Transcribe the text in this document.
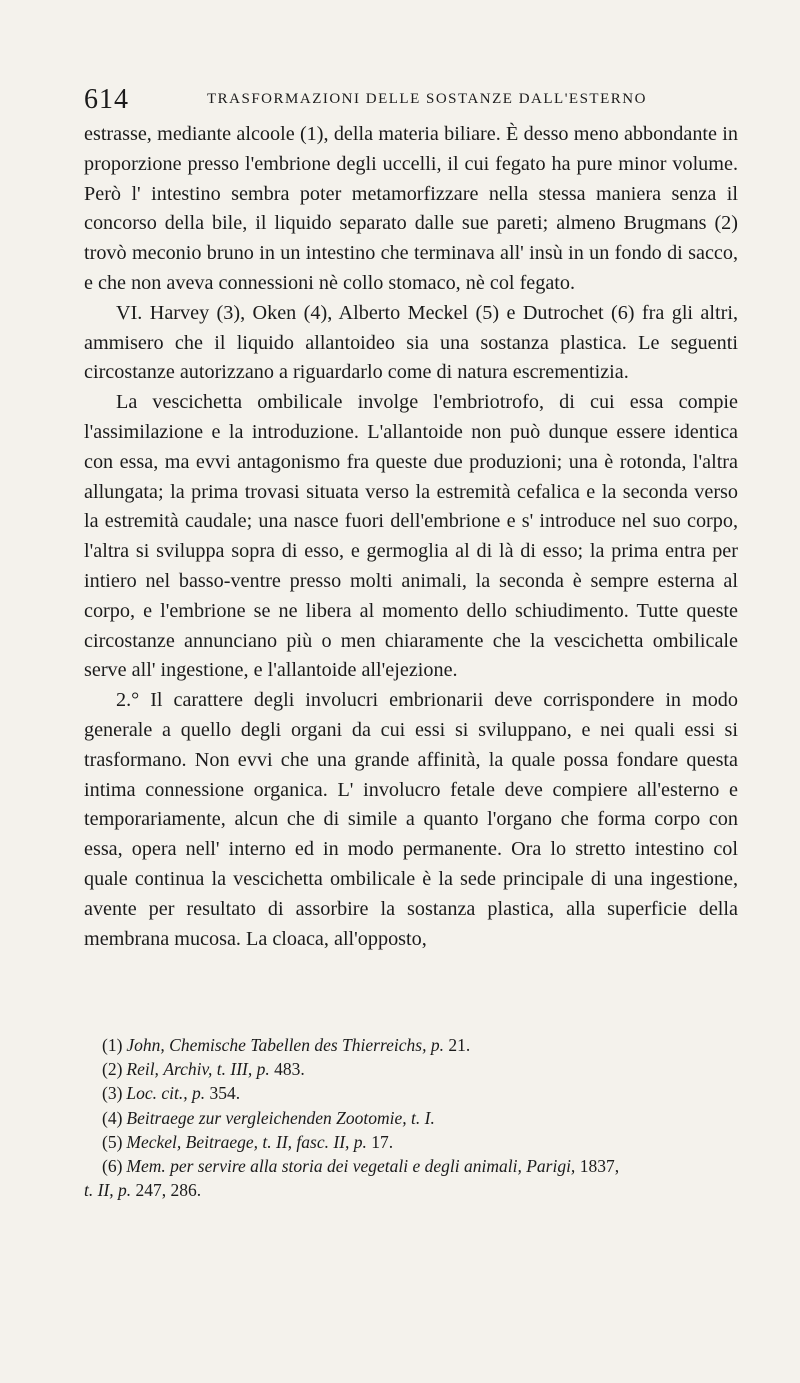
614	TRASFORMAZIONI DELLE SOSTANZE DALL'ESTERNO

estrasse, mediante alcoole (1), della materia biliare. È desso meno abbondante in proporzione presso l'embrione degli uccelli, il cui fegato ha pure minor volume. Però l' intestino sembra poter metamorfizzare nella stessa maniera senza il concorso della bile, il liquido separato dalle sue pareti; almeno Brugmans (2) trovò meconio bruno in un intestino che terminava all' insù in un fondo di sacco, e che non aveva connessioni nè collo stomaco, nè col fegato.

VI. Harvey (3), Oken (4), Alberto Meckel (5) e Dutrochet (6) fra gli altri, ammisero che il liquido allantoideo sia una sostanza plastica. Le seguenti circostanze autorizzano a riguardarlo come di natura escrementizia.

La vescichetta ombilicale involge l'embriotrofo, di cui essa compie l'assimilazione e la introduzione. L'allantoide non può dunque essere identica con essa, ma evvi antagonismo fra queste due produzioni; una è rotonda, l'altra allungata; la prima trovasi situata verso la estremità cefalica e la seconda verso la estremità caudale; una nasce fuori dell'embrione e s' introduce nel suo corpo, l'altra si sviluppa sopra di esso, e germoglia al di là di esso; la prima entra per intiero nel basso-ventre presso molti animali, la seconda è sempre esterna al corpo, e l'embrione se ne libera al momento dello schiudimento. Tutte queste circostanze annunciano più o men chiaramente che la vescichetta ombilicale serve all' ingestione, e l'allantoide all'ejezione.

2.° Il carattere degli involucri embrionarii deve corrispondere in modo generale a quello degli organi da cui essi si sviluppano, e nei quali essi si trasformano. Non evvi che una grande affinità, la quale possa fondare questa intima connessione organica. L' involucro fetale deve compiere all'esterno e temporariamente, alcun che di simile a quanto l'organo che forma corpo con essa, opera nell' interno ed in modo permanente. Ora lo stretto intestino col quale continua la vescichetta ombilicale è la sede principale di una ingestione, avente per resultato di assorbire la sostanza plastica, alla superficie della membrana mucosa. La cloaca, all'opposto,

(1) John, Chemische Tabellen des Thierreichs, p. 21.

(2) Reil, Archiv, t. III, p. 483.

(3) Loc. cit., p. 354.

(4) Beitraege zur vergleichenden Zootomie, t. I.

(5) Meckel, Beitraege, t. II, fasc. II, p. 17.

(6) Mem. per servire alla storia dei vegetali e degli animali, Parigi, 1837,

t. II, p. 247, 286.
